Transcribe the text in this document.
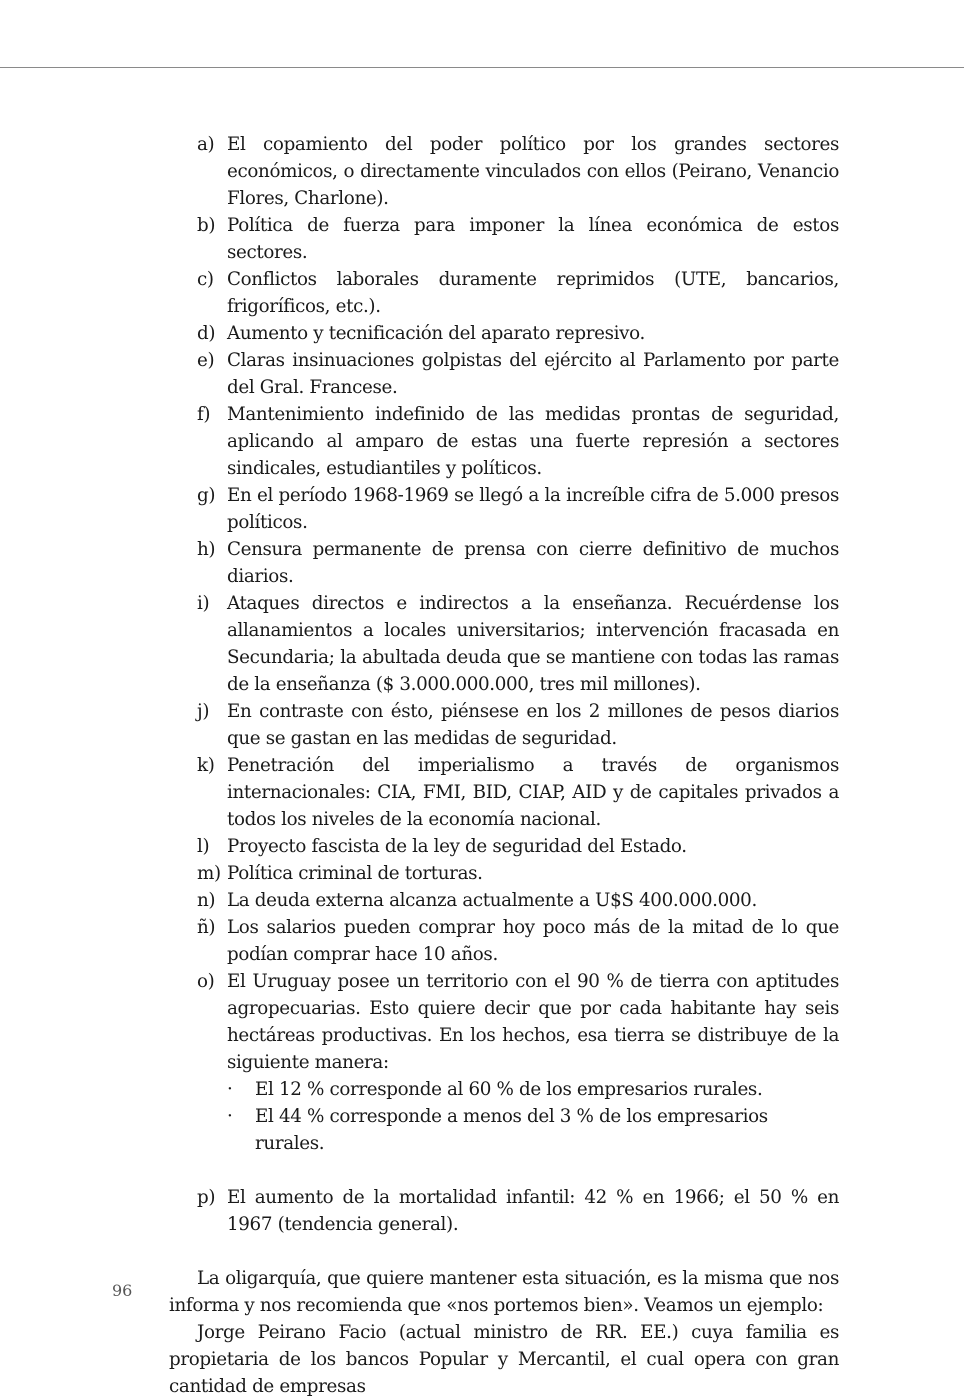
a) El copamiento del poder político por los grandes sectores económicos, o directamente vinculados con ellos (Peirano, Venancio Flores, Charlone).
b) Política de fuerza para imponer la línea económica de estos sectores.
c) Conflictos laborales duramente reprimidos (UTE, bancarios, frigoríficos, etc.).
d) Aumento y tecnificación del aparato represivo.
e) Claras insinuaciones golpistas del ejército al Parlamento por parte del Gral. Francese.
f) Mantenimiento indefinido de las medidas prontas de seguridad, aplicando al amparo de estas una fuerte represión a sectores sindicales, estudiantiles y políticos.
g) En el período 1968-1969 se llegó a la increíble cifra de 5.000 presos políticos.
h) Censura permanente de prensa con cierre definitivo de muchos diarios.
i) Ataques directos e indirectos a la enseñanza. Recuérdense los allanamientos a locales universitarios; intervención fracasada en Secundaria; la abultada deuda que se mantiene con todas las ramas de la enseñanza ($ 3.000.000.000, tres mil millones).
j) En contraste con ésto, piénsese en los 2 millones de pesos diarios que se gastan en las medidas de seguridad.
k) Penetración del imperialismo a través de organismos internacionales: CIA, FMI, BID, CIAP, AID y de capitales privados a todos los niveles de la economía nacional.
l) Proyecto fascista de la ley de seguridad del Estado.
m) Política criminal de torturas.
n) La deuda externa alcanza actualmente a U$S 400.000.000.
ñ) Los salarios pueden comprar hoy poco más de la mitad de lo que podían comprar hace 10 años.
o) El Uruguay posee un territorio con el 90 % de tierra con aptitudes agropecuarias. Esto quiere decir que por cada habitante hay seis hectáreas productivas. En los hechos, esa tierra se distribuye de la siguiente manera:
·	El 12 % corresponde al 60 % de los empresarios rurales.
·	El 44 % corresponde a menos del 3 % de los empresarios rurales.
p) El aumento de la mortalidad infantil: 42 % en 1966; el 50 % en 1967 (tendencia general).

La oligarquía, que quiere mantener esta situación, es la misma que nos informa y nos recomienda que «nos portemos bien». Veamos un ejemplo:

Jorge Peirano Facio (actual ministro de RR. EE.) cuya familia es propietaria de los bancos Popular y Mercantil, el cual opera con gran cantidad de empresas

96
